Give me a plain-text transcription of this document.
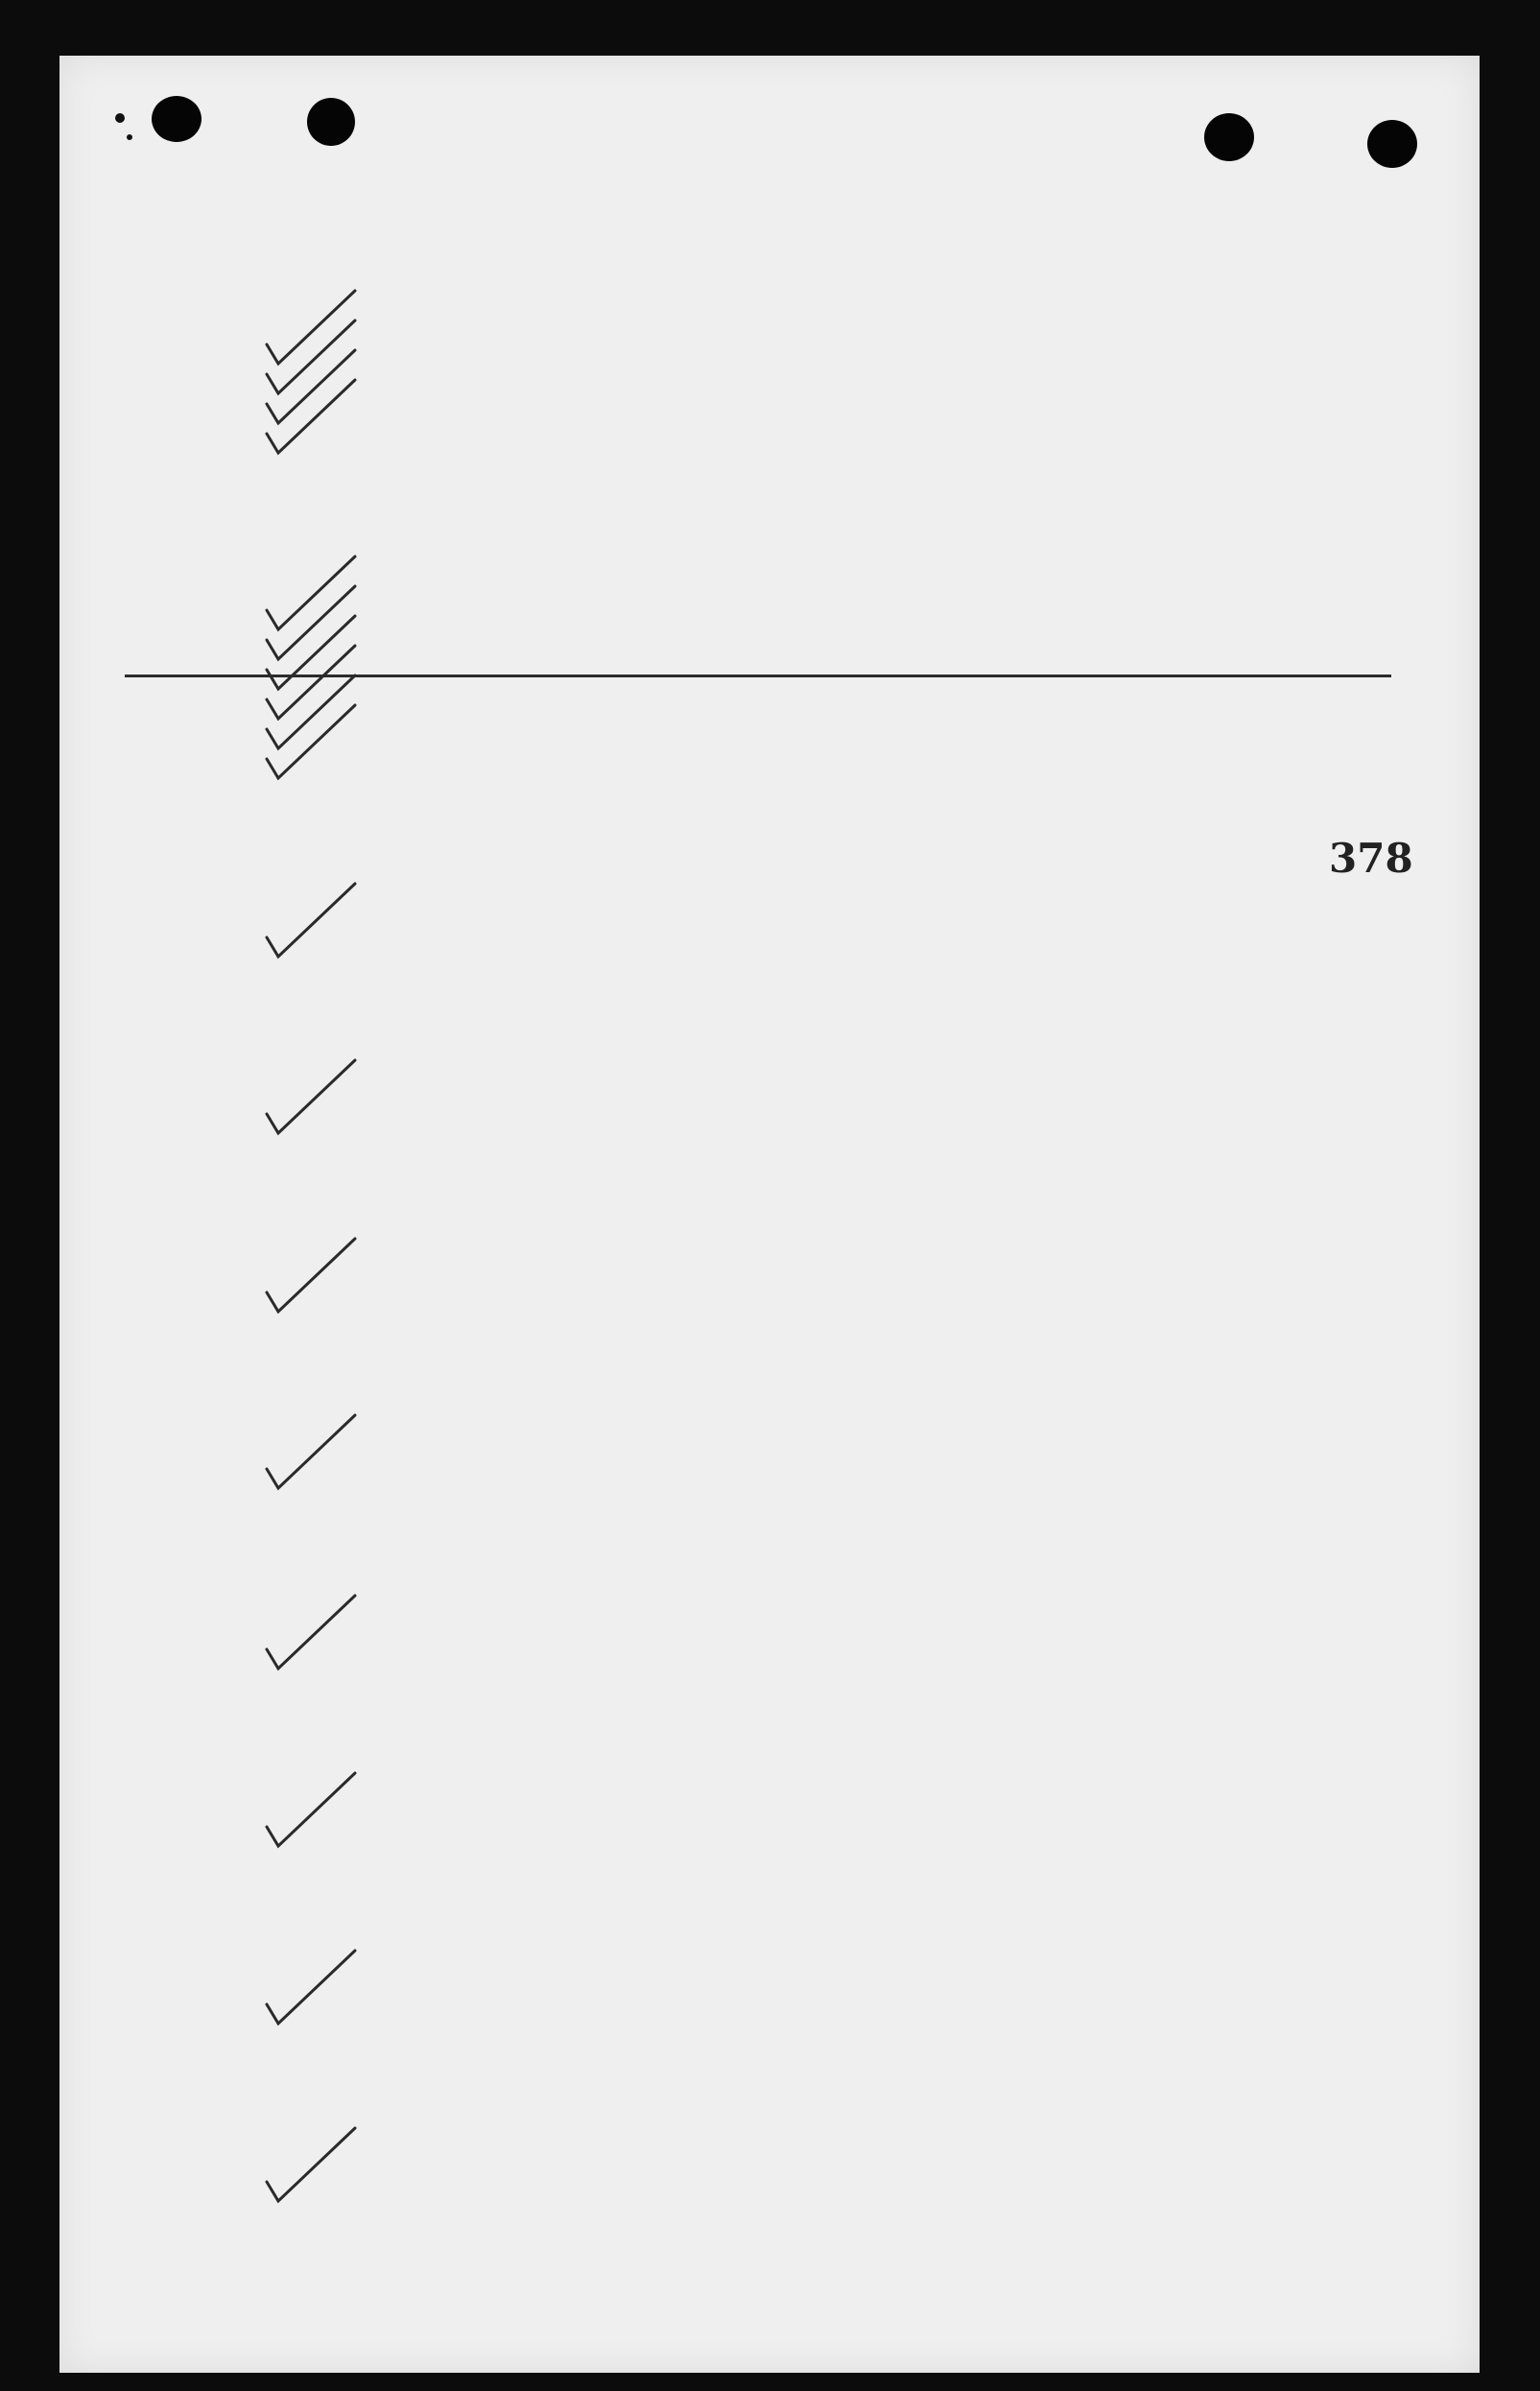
378
